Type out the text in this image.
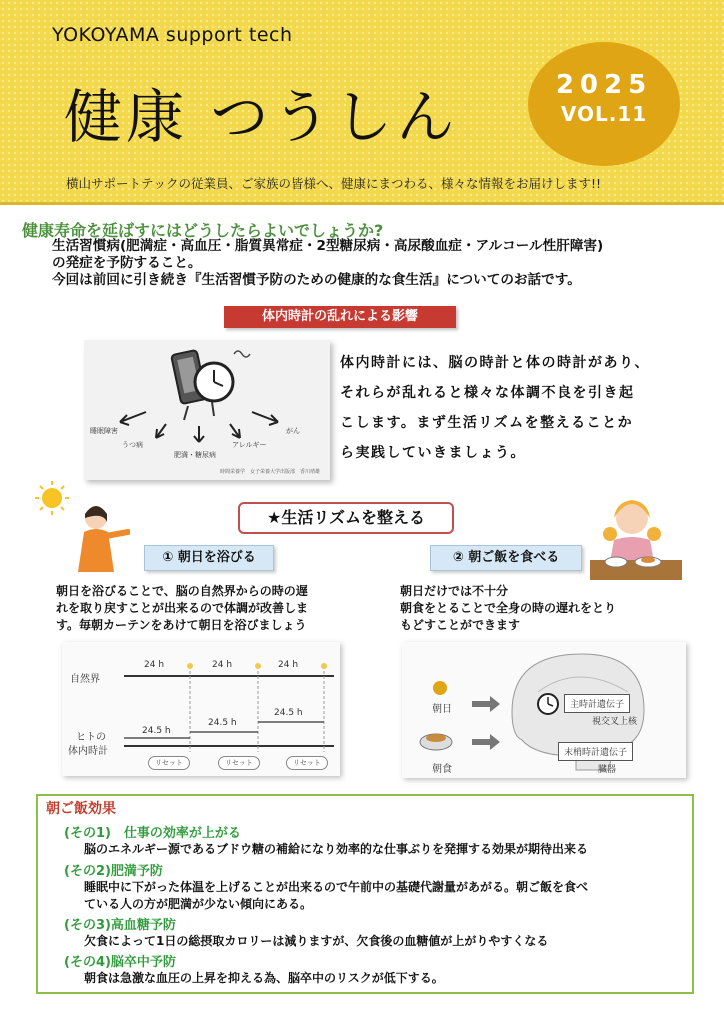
YOKOYAMA support tech
健康 つうしん	2025
VOL.11
横山サポートテックの従業員、ご家族の皆様へ、健康にまつわる、様々な情報をお届けします!!
健康寿命を延ばすにはどうしたらよいでしょうか?
生活習慣病(肥満症・高血圧・脂質異常症・2型糖尿病・高尿酸血症・アルコール性肝障害)
の発症を予防すること。
今回は前回に引き続き『生活習慣予防のための健康的な食生活』についてのお話です。
体内時計の乱れによる影響
睡眠障害
うつ病
肥満・糖尿病
アレルギー
がん
時間栄養学　女子栄養大学出版部　香川靖雄
体内時計には、脳の時計と体の時計があり、
それらが乱れると様々な体調不良を引き起
こします。まず生活リズムを整えることか
ら実践していきましょう。
★生活リズムを整える
① 朝日を浴びる	② 朝ご飯を食べる
朝日を浴びることで、脳の自然界からの時の遅
れを取り戻すことが出来るので体調が改善しま
す。毎朝カーテンをあけて朝日を浴びましょう
朝日だけでは不十分
朝食をとることで全身の時の遅れをとり
もどすことができます
自然界
ヒトの
体内時計
24 h	24 h	24 h
24.5 h
24.5 h
24.5 h
リセット	リセット	リセット
朝日
朝食
主時計遺伝子
視交叉上核
末梢時計遺伝子
臓器
朝ご飯効果
(その1)　仕事の効率が上がる
脳のエネルギー源であるブドウ糖の補給になり効率的な仕事ぶりを発揮する効果が期待出来る
(その2)肥満予防
睡眠中に下がった体温を上げることが出来るので午前中の基礎代謝量があがる。朝ご飯を食べ
ている人の方が肥満が少ない傾向にある。
(その3)高血糖予防
欠食によって1日の総摂取カロリーは減りますが、欠食後の血糖値が上がりやすくなる
(その4)脳卒中予防
朝食は急激な血圧の上昇を抑える為、脳卒中のリスクが低下する。
